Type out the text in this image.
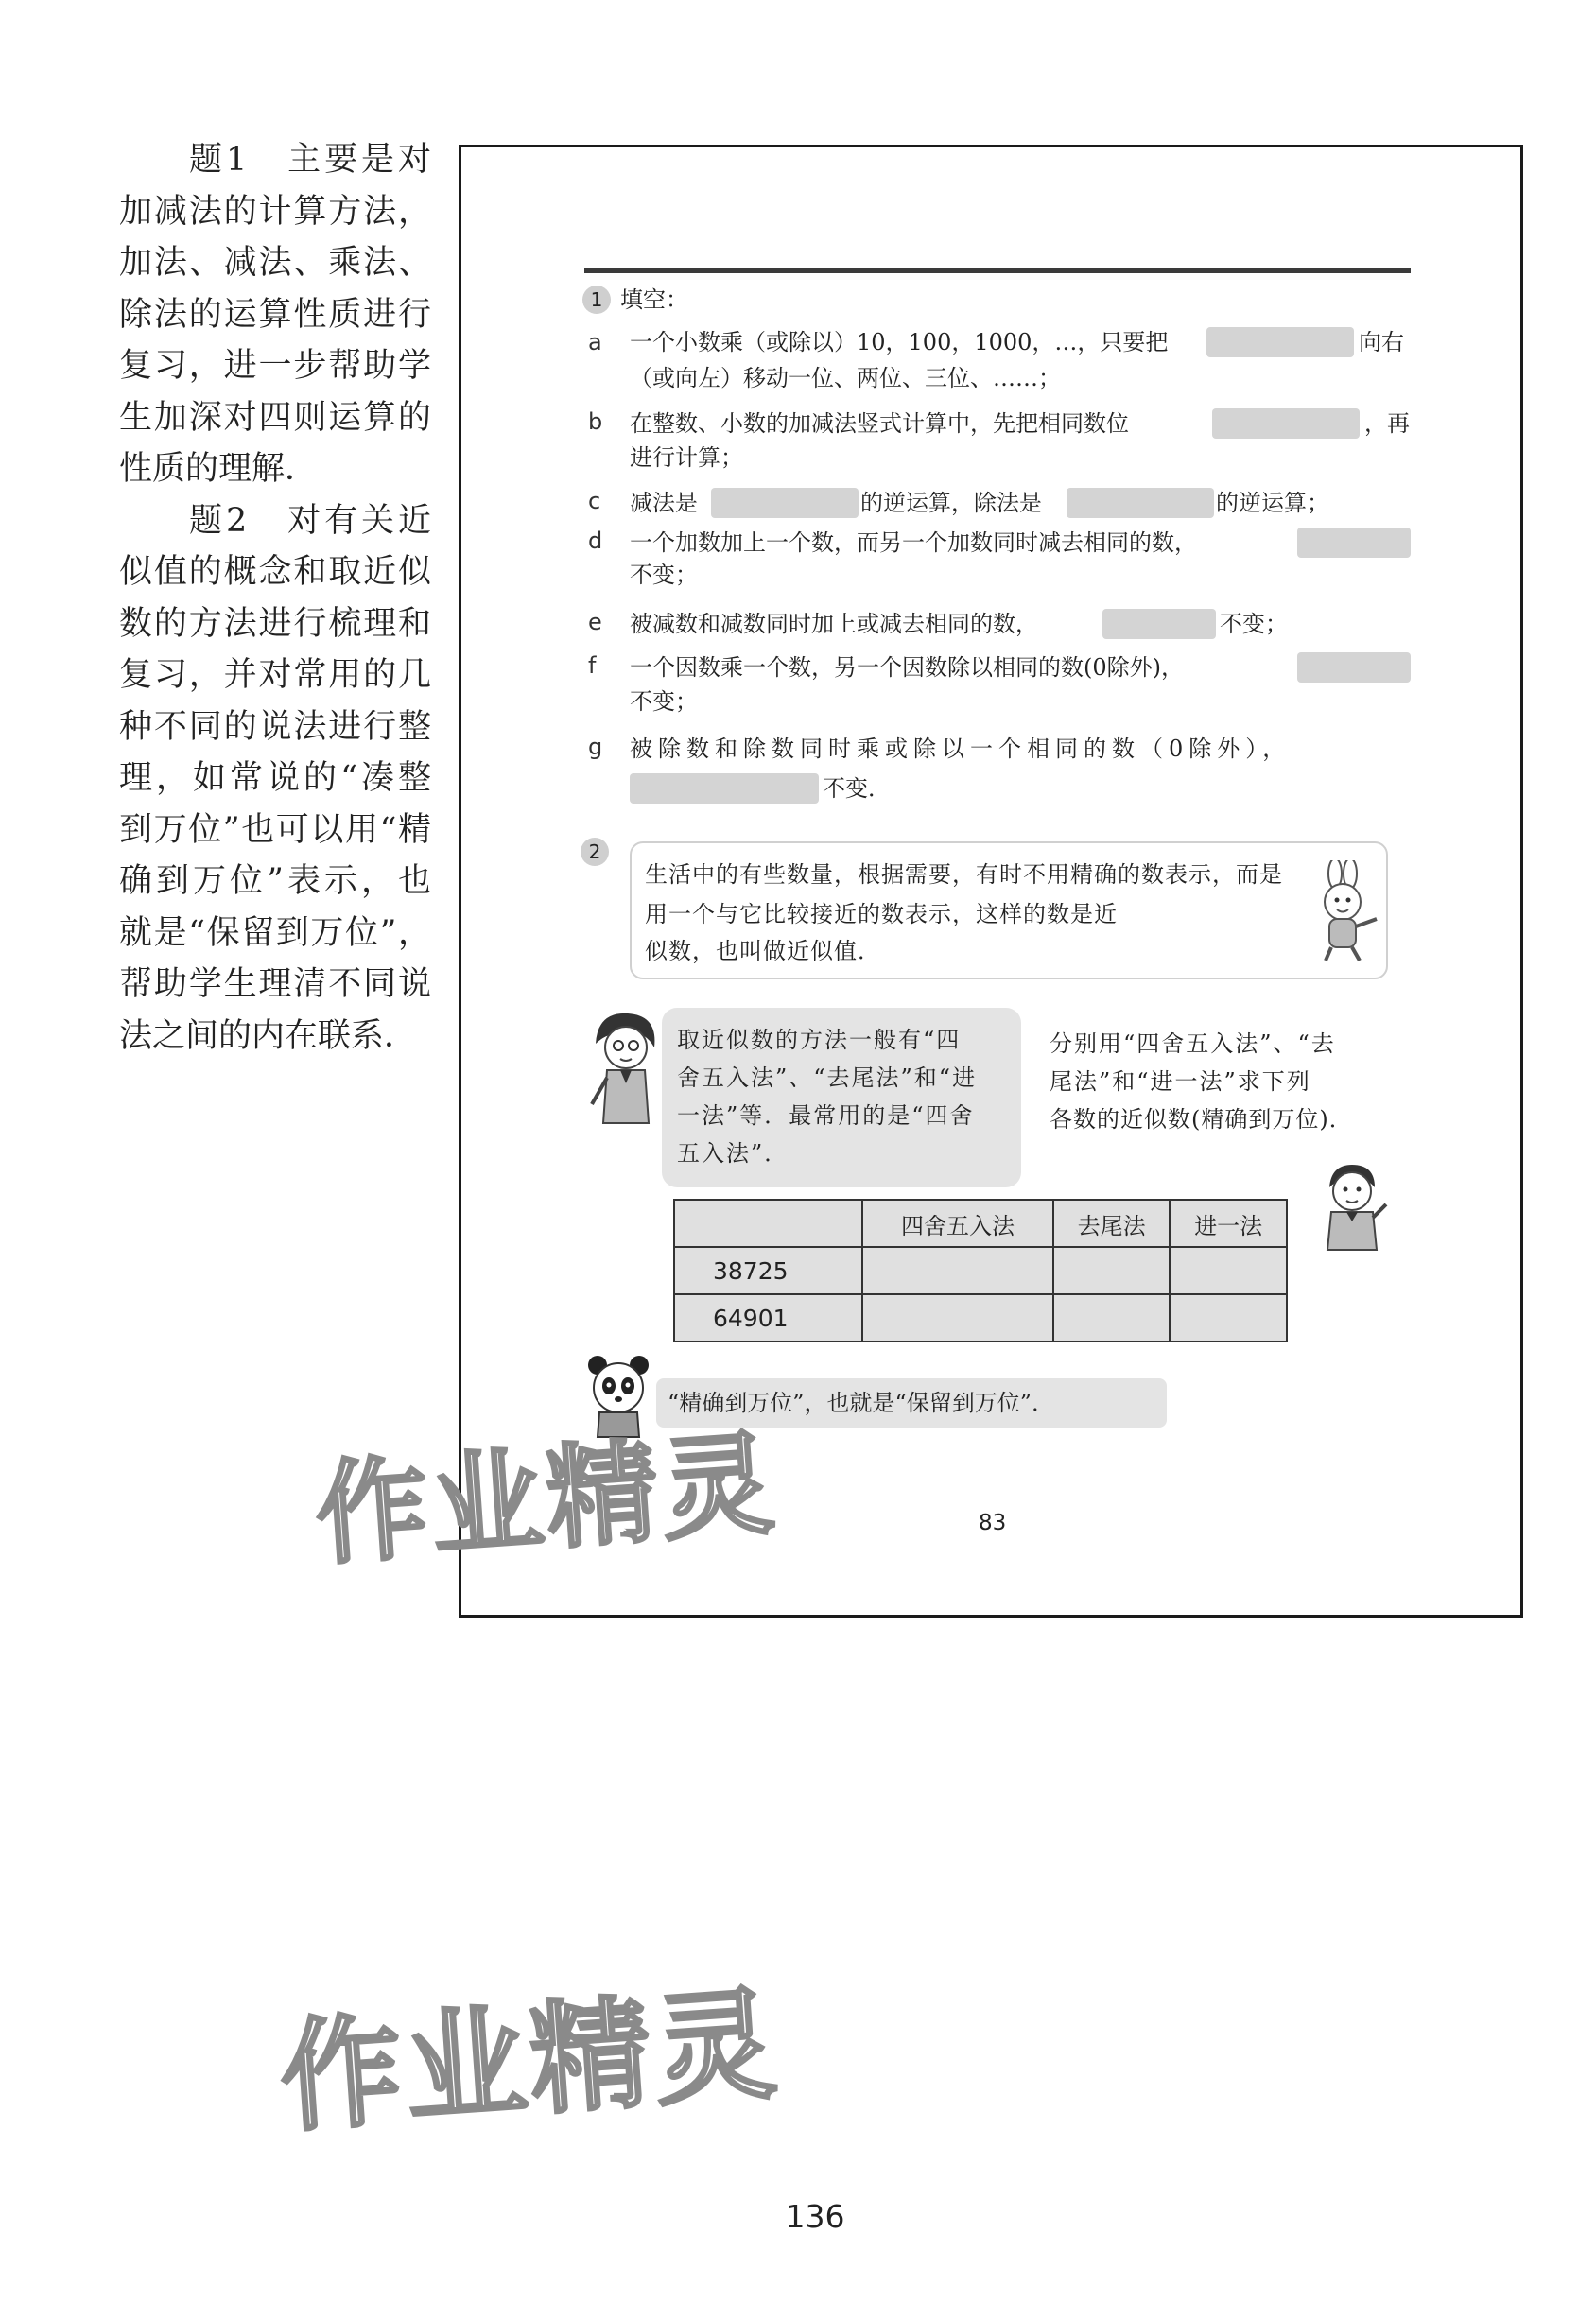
题1　主要是对加减法的计算方法，加法、减法、乘法、除法的运算性质进行复习，进一步帮助学生加深对四则运算的性质的理解．

题2　对有关近似值的概念和取近似数的方法进行梳理和复习，并对常用的几种不同的说法进行整理，如常说的“凑整到万位”也可以用“精确到万位”表示，也就是“保留到万位”，帮助学生理清不同说法之间的内在联系．

1 填空：
a 一个小数乘（或除以）10，100，1000，…，只要把	向右
（或向左）移动一位、两位、三位、……；
b 在整数、小数的加减法竖式计算中，先把相同数位	，再
进行计算；
c 减法是	的逆运算，除法是	的逆运算；
d 一个加数加上一个数，而另一个加数同时减去相同的数，
不变；
e 被减数和减数同时加上或减去相同的数，	不变；
f 一个因数乘一个数，另一个因数除以相同的数(0除外)，
不变；
g 被除数和除数同时乘或除以一个相同的数（0除外），
不变．
2
生活中的有些数量，根据需要，有时不用精确的数表示，而是用一个与它比较接近的数表示，这样的数是近
似数，也叫做近似值．
取近似数的方法一般有“四
舍五入法”、“去尾法”和“进
一法”等．最常用的是“四舍
五入法”．
分别用“四舍五入法”、“去
尾法”和“进一法”求下列
各数的近似数(精确到万位)．
	四舍五入法	去尾法	进一法
38725			
64901			
“精确到万位”，也就是“保留到万位”．
83
作业精灵
作业精灵
136
